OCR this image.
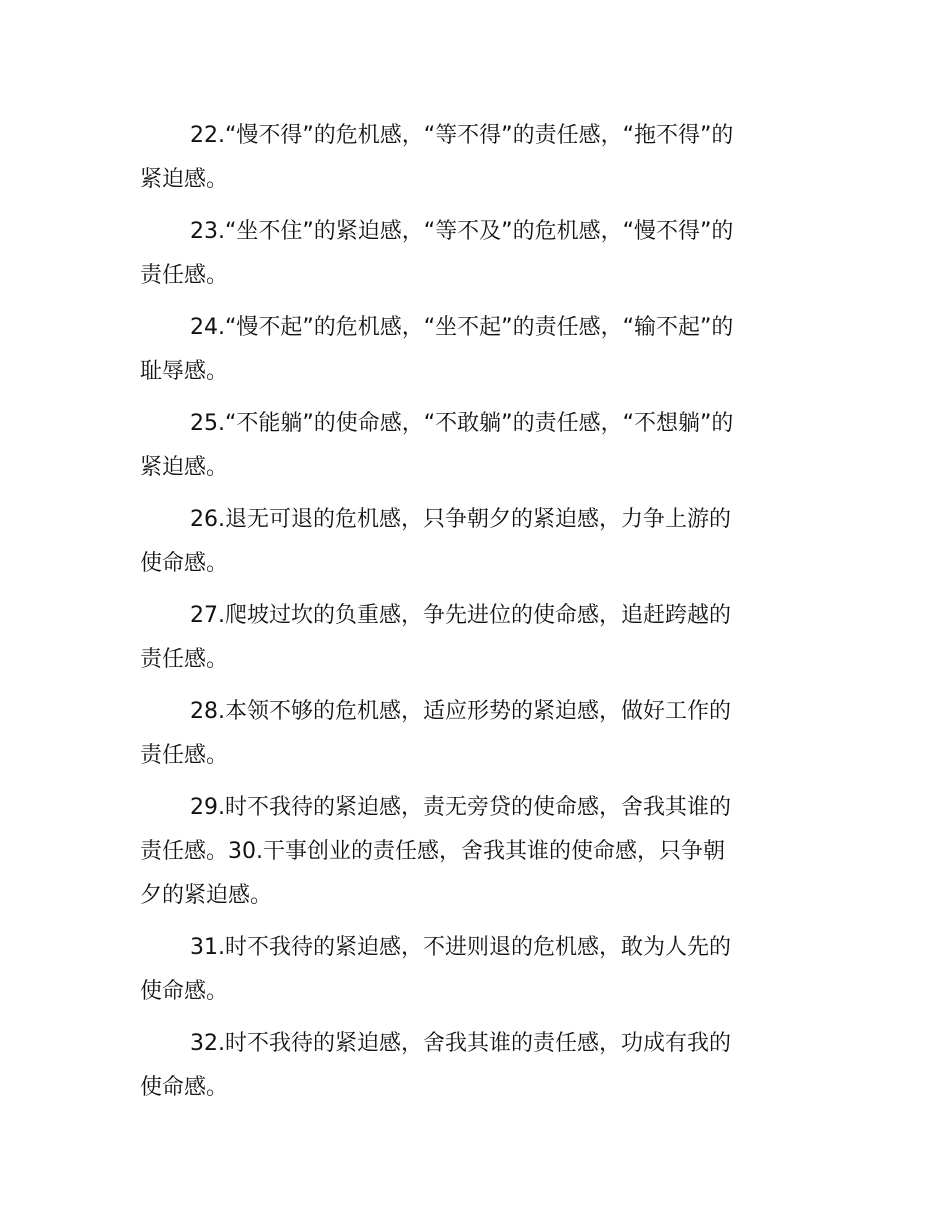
22.“慢不得”的危机感，“等不得”的责任感，“拖不得”的
紧迫感。

23.“坐不住”的紧迫感，“等不及”的危机感，“慢不得”的
责任感。

24.“慢不起”的危机感，“坐不起”的责任感，“输不起”的
耻辱感。

25.“不能躺”的使命感，“不敢躺”的责任感，“不想躺”的
紧迫感。

26.退无可退的危机感，只争朝夕的紧迫感，力争上游的
使命感。

27.爬坡过坎的负重感，争先进位的使命感，追赶跨越的
责任感。

28.本领不够的危机感，适应形势的紧迫感，做好工作的
责任感。

29.时不我待的紧迫感，责无旁贷的使命感，舍我其谁的
责任感。30.干事创业的责任感，舍我其谁的使命感，只争朝
夕的紧迫感。

31.时不我待的紧迫感，不进则退的危机感，敢为人先的
使命感。

32.时不我待的紧迫感，舍我其谁的责任感，功成有我的
使命感。
